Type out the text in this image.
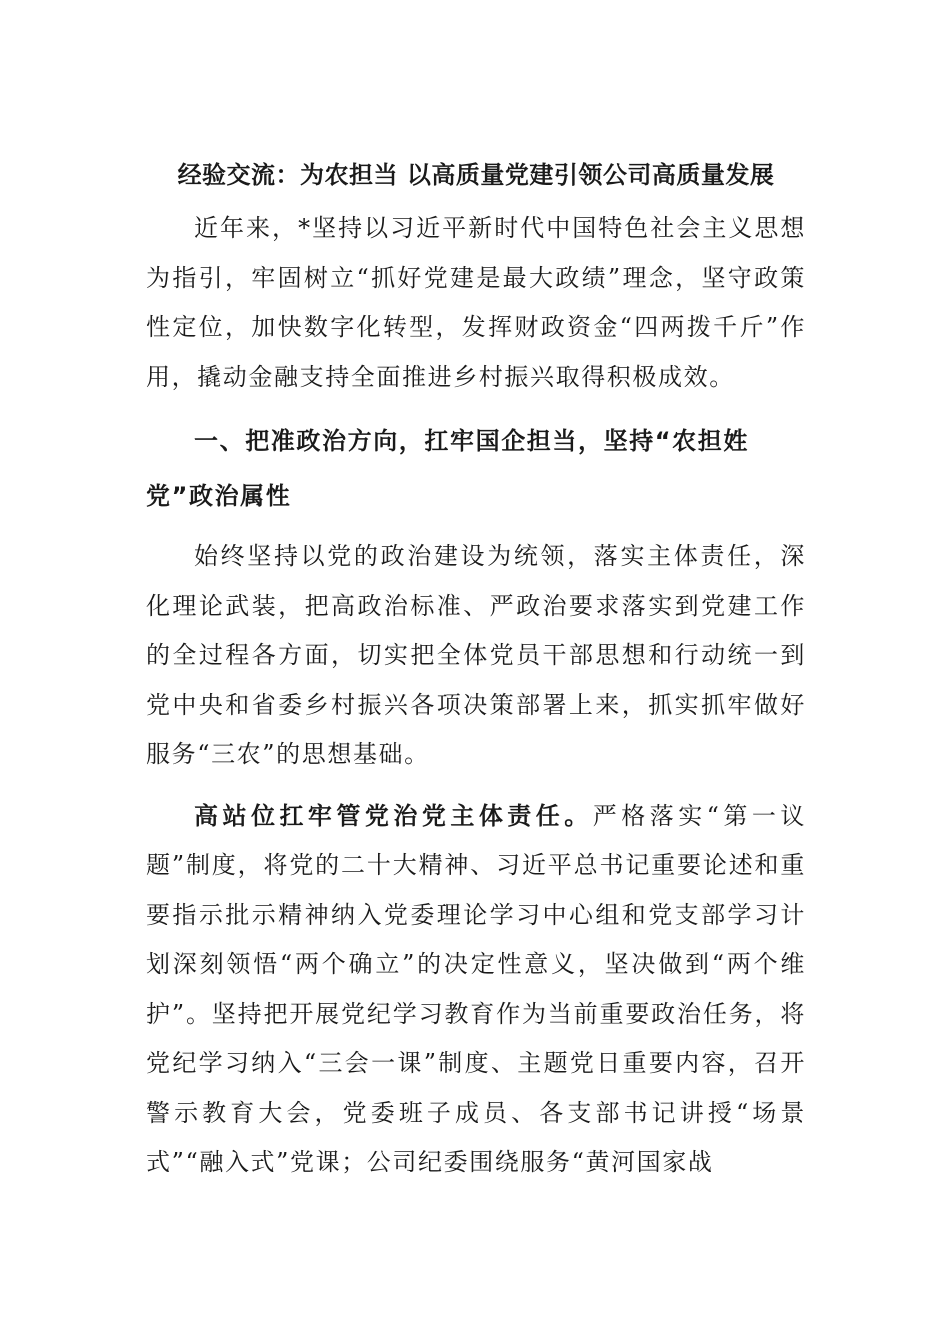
经验交流：为农担当 以高质量党建引领公司高质量发展

近年来，*坚持以习近平新时代中国特色社会主义思想为指引，牢固树立“抓好党建是最大政绩”理念，坚守政策性定位，加快数字化转型，发挥财政资金“四两拨千斤”作用，撬动金融支持全面推进乡村振兴取得积极成效。

一、把准政治方向，扛牢国企担当，坚持“农担姓党”政治属性

始终坚持以党的政治建设为统领，落实主体责任，深化理论武装，把高政治标准、严政治要求落实到党建工作的全过程各方面，切实把全体党员干部思想和行动统一到党中央和省委乡村振兴各项决策部署上来，抓实抓牢做好服务“三农”的思想基础。

高站位扛牢管党治党主体责任。严格落实“第一议题”制度，将党的二十大精神、习近平总书记重要论述和重要指示批示精神纳入党委理论学习中心组和党支部学习计划深刻领悟“两个确立”的决定性意义，坚决做到“两个维护”。坚持把开展党纪学习教育作为当前重要政治任务，将党纪学习纳入“三会一课”制度、主题党日重要内容，召开警示教育大会，党委班子成员、各支部书记讲授“场景式”“融入式”党课；公司纪委围绕服务“黄河国家战
